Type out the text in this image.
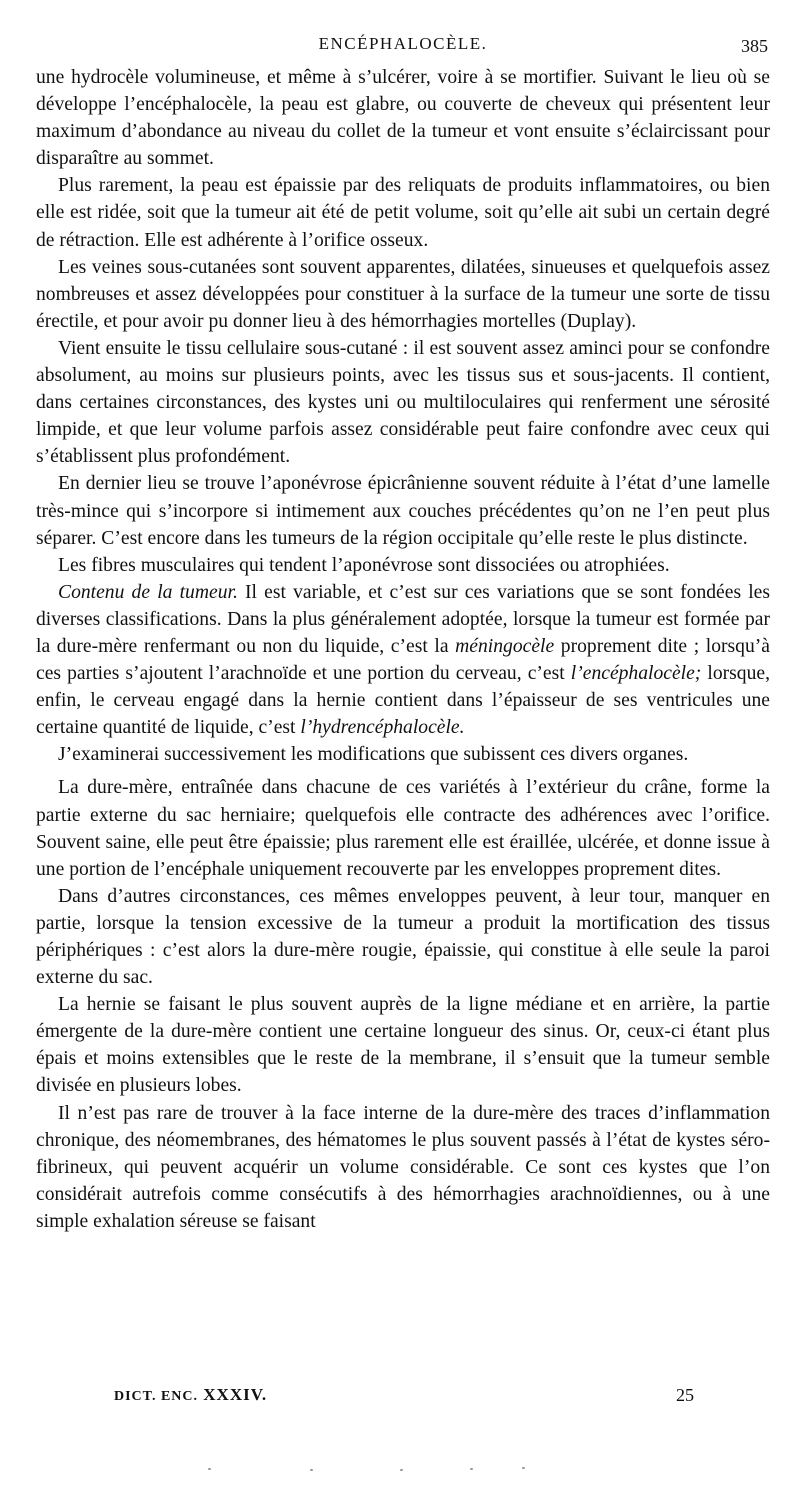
ENCÉPHALOCÈLE.	385

une hydrocèle volumineuse, et même à s’ulcérer, voire à se mortifier. Suivant le lieu où se développe l’encéphalocèle, la peau est glabre, ou couverte de cheveux qui présentent leur maximum d’abondance au niveau du collet de la tumeur et vont ensuite s’éclaircissant pour disparaître au sommet.

Plus rarement, la peau est épaissie par des reliquats de produits inflammatoires, ou bien elle est ridée, soit que la tumeur ait été de petit volume, soit qu’elle ait subi un certain degré de rétraction. Elle est adhérente à l’orifice osseux.

Les veines sous-cutanées sont souvent apparentes, dilatées, sinueuses et quelquefois assez nombreuses et assez développées pour constituer à la surface de la tumeur une sorte de tissu érectile, et pour avoir pu donner lieu à des hémorrhagies mortelles (Duplay).

Vient ensuite le tissu cellulaire sous-cutané : il est souvent assez aminci pour se confondre absolument, au moins sur plusieurs points, avec les tissus sus et sous-jacents. Il contient, dans certaines circonstances, des kystes uni ou multiloculaires qui renferment une sérosité limpide, et que leur volume parfois assez considérable peut faire confondre avec ceux qui s’établissent plus profondément.

En dernier lieu se trouve l’aponévrose épicrânienne souvent réduite à l’état d’une lamelle très-mince qui s’incorpore si intimement aux couches précédentes qu’on ne l’en peut plus séparer. C’est encore dans les tumeurs de la région occipitale qu’elle reste le plus distincte.

Les fibres musculaires qui tendent l’aponévrose sont dissociées ou atrophiées.

Contenu de la tumeur. Il est variable, et c’est sur ces variations que se sont fondées les diverses classifications. Dans la plus généralement adoptée, lorsque la tumeur est formée par la dure-mère renfermant ou non du liquide, c’est la méningocèle proprement dite ; lorsqu’à ces parties s’ajoutent l’arachnoïde et une portion du cerveau, c’est l’encéphalocèle; lorsque, enfin, le cerveau engagé dans la hernie contient dans l’épaisseur de ses ventricules une certaine quantité de liquide, c’est l’hydrencéphalocèle.

J’examinerai successivement les modifications que subissent ces divers organes.

La dure-mère, entraînée dans chacune de ces variétés à l’extérieur du crâne, forme la partie externe du sac herniaire; quelquefois elle contracte des adhérences avec l’orifice. Souvent saine, elle peut être épaissie; plus rarement elle est éraillée, ulcérée, et donne issue à une portion de l’encéphale uniquement recouverte par les enveloppes proprement dites.

Dans d’autres circonstances, ces mêmes enveloppes peuvent, à leur tour, manquer en partie, lorsque la tension excessive de la tumeur a produit la mortification des tissus périphériques : c’est alors la dure-mère rougie, épaissie, qui constitue à elle seule la paroi externe du sac.

La hernie se faisant le plus souvent auprès de la ligne médiane et en arrière, la partie émergente de la dure-mère contient une certaine longueur des sinus. Or, ceux-ci étant plus épais et moins extensibles que le reste de la membrane, il s’ensuit que la tumeur semble divisée en plusieurs lobes.

Il n’est pas rare de trouver à la face interne de la dure-mère des traces d’inflammation chronique, des néomembranes, des hématomes le plus souvent passés à l’état de kystes séro-fibrineux, qui peuvent acquérir un volume considérable. Ce sont ces kystes que l’on considérait autrefois comme consécutifs à des hémorrhagies arachnoïdiennes, ou à une simple exhalation séreuse se faisant

DICT. ENC. XXXIV.	25
